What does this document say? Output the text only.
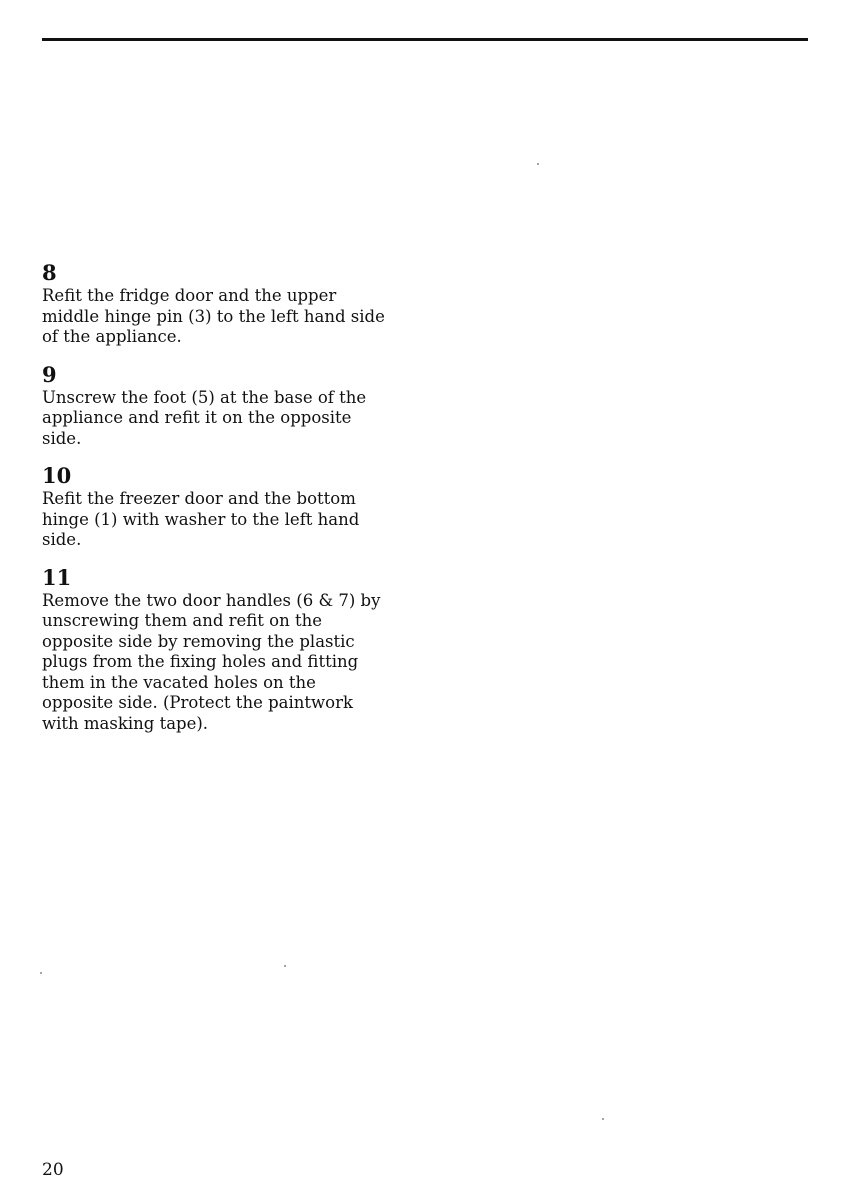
8

Refit the fridge door and the upper
middle hinge pin (3) to the left hand side
of the appliance.

9

Unscrew the foot (5) at the base of the
appliance and refit it on the opposite
side.

10

Refit the freezer door and the bottom
hinge (1) with washer to the left hand
side.

11

Remove the two door handles (6 & 7) by
unscrewing them and refit on the
opposite side by removing the plastic
plugs from the fixing holes and fitting
them in the vacated holes on the
opposite side. (Protect the paintwork
with masking tape).

20
